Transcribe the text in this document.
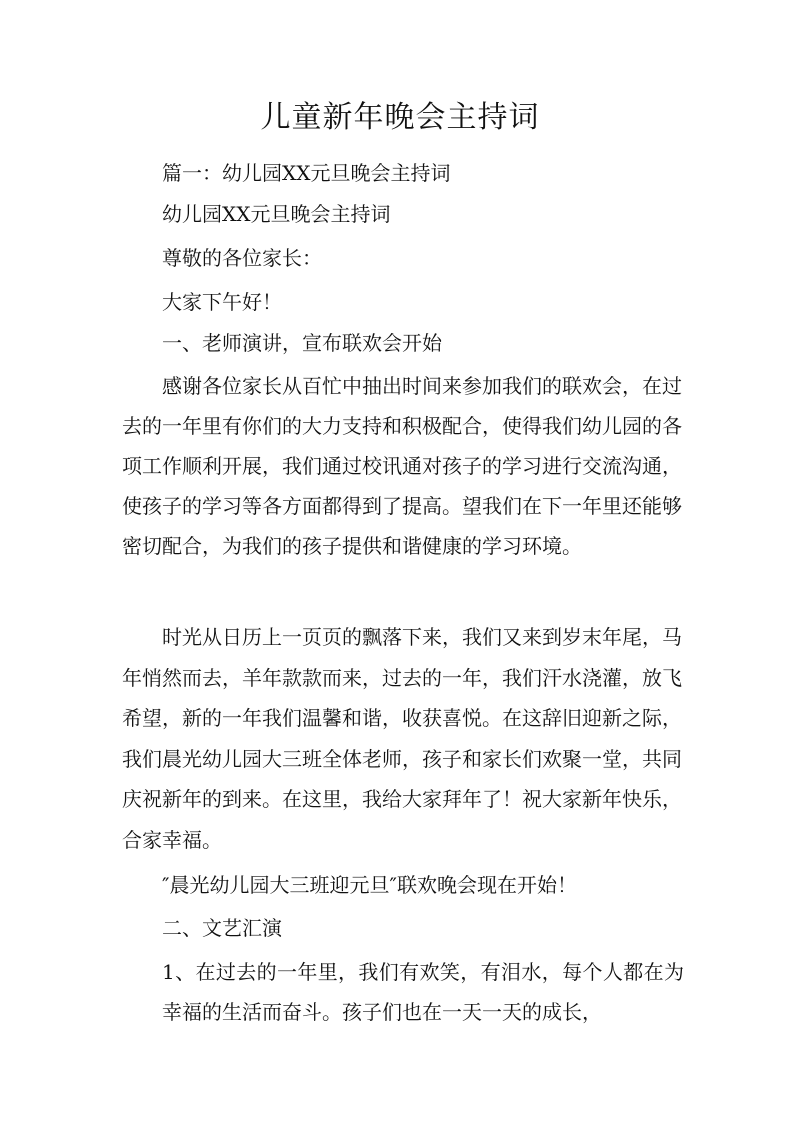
儿童新年晚会主持词
篇一：幼儿园XX元旦晚会主持词
幼儿园XX元旦晚会主持词
尊敬的各位家长：
大家下午好！
一、老师演讲，宣布联欢会开始

感谢各位家长从百忙中抽出时间来参加我们的联欢会，在过去的一年里有你们的大力支持和积极配合，使得我们幼儿园的各项工作顺利开展，我们通过校讯通对孩子的学习进行交流沟通，使孩子的学习等各方面都得到了提高。望我们在下一年里还能够密切配合，为我们的孩子提供和谐健康的学习环境。

时光从日历上一页页的飘落下来，我们又来到岁末年尾，马年悄然而去，羊年款款而来，过去的一年，我们汗水浇灌，放飞希望，新的一年我们温馨和谐，收获喜悦。在这辞旧迎新之际，我们晨光幼儿园大三班全体老师，孩子和家长们欢聚一堂，共同庆祝新年的到来。在这里，我给大家拜年了！祝大家新年快乐，合家幸福。

″晨光幼儿园大三班迎元旦″联欢晚会现在开始！
二、文艺汇演

1、在过去的一年里，我们有欢笑，有泪水，每个人都在为幸福的生活而奋斗。孩子们也在一天一天的成长，
